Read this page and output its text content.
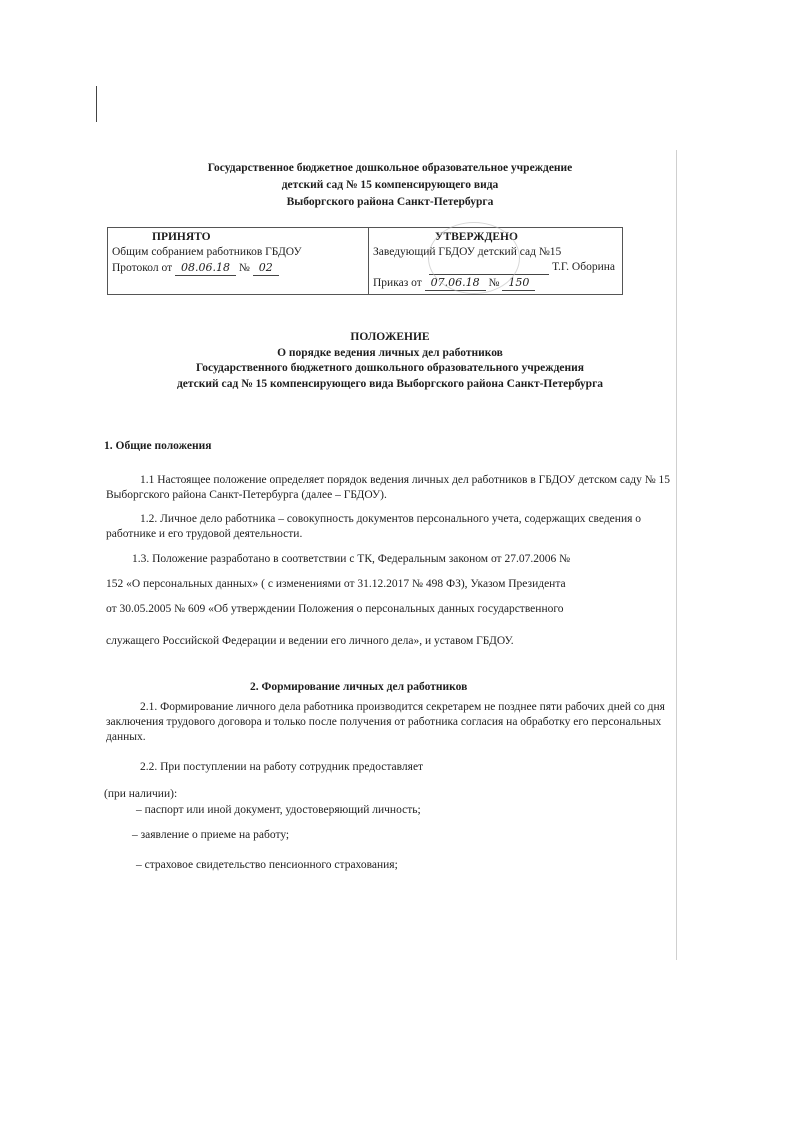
Государственное бюджетное дошкольное образовательное учреждение
детский сад № 15 компенсирующего вида
Выборгского района Санкт-Петербурга
ПРИНЯТО
Общим собранием работников ГБДОУ
Протокол от 08.06.18 № 02
УТВЕРЖДЕНО
Заведующий ГБДОУ детский сад №15
Т.Г. Оборина
Приказ от 07.06.18 № 150
ПОЛОЖЕНИЕ
О порядке ведения личных дел работников
Государственного бюджетного дошкольного образовательного учреждения
детский сад № 15 компенсирующего вида Выборгского района Санкт-Петербурга
1. Общие положения
1.1 Настоящее положение определяет порядок ведения личных дел работников в ГБДОУ детском саду № 15 Выборгского района Санкт-Петербурга (далее – ГБДОУ).
1.2. Личное дело работника – совокупность документов персонального учета, содержащих сведения о работнике и его трудовой деятельности.
1.3. Положение разработано в соответствии с ТК, Федеральным законом от 27.07.2006 №
152 «О персональных данных» ( с изменениями от 31.12.2017 № 498 ФЗ), Указом Президента
от 30.05.2005 № 609 «Об утверждении Положения о персональных данных государственного
служащего Российской Федерации и ведении его личного дела», и уставом ГБДОУ.
2. Формирование личных дел работников
2.1. Формирование личного дела работника производится секретарем не позднее пяти рабочих дней со дня заключения трудового договора и только после получения от работника согласия на обработку его персональных данных.
2.2. При поступлении на работу сотрудник предоставляет
(при наличии):
– паспорт или иной документ, удостоверяющий личность;
– заявление о приеме на работу;
– страховое свидетельство пенсионного страхования;
